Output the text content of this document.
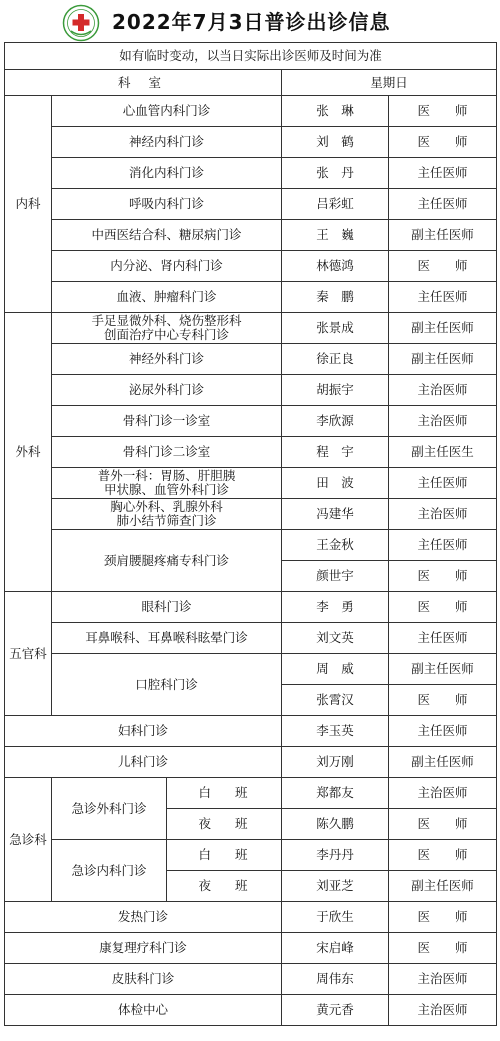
2022年7月3日普诊出诊信息
如有临时变动，以当日实际出诊医师及时间为准				
科 室			星期日	
内科	心血管内科门诊		张　琳	医　　师
	神经内科门诊		刘　鹤	医　　师
	消化内科门诊		张　丹	主任医师
	呼吸内科门诊		吕彩虹	主任医师
	中西医结合科、糖尿病门诊		王　巍	副主任医师
	内分泌、肾内科门诊		林德鸿	医　　师
	血液、肿瘤科门诊		秦　鹏	主任医师
外科	手足显微外科、烧伤整形科
创面治疗中心专科门诊		张景成	副主任医师
	神经外科门诊		徐正良	副主任医师
	泌尿外科门诊		胡振宇	主治医师
	骨科门诊一诊室		李欣源	主治医师
	骨科门诊二诊室		程　宇	副主任医生
	普外一科：胃肠、肝胆胰
甲状腺、血管外科门诊		田　波	主任医师
	胸心外科、乳腺外科
肺小结节筛查门诊		冯建华	主治医师
	颈肩腰腿疼痛专科门诊		王金秋	主任医师
			颜世宇	医　　师
五官科	眼科门诊		李　勇	医　　师
	耳鼻喉科、耳鼻喉科眩晕门诊		刘文英	主任医师
	口腔科门诊		周　威	副主任医师
			张霄汉	医　　师
妇科门诊			李玉英	主任医师
儿科门诊			刘万刚	副主任医师
急诊科	急诊外科门诊	白班	郑都友	主治医师
		夜班	陈久鹏	医　　师
	急诊内科门诊	白班	李丹丹	医　　师
		夜班	刘亚芝	副主任医师
发热门诊			于欣生	医　　师
康复理疗科门诊			宋启峰	医　　师
皮肤科门诊			周伟东	主治医师
体检中心			黄元香	主治医师
